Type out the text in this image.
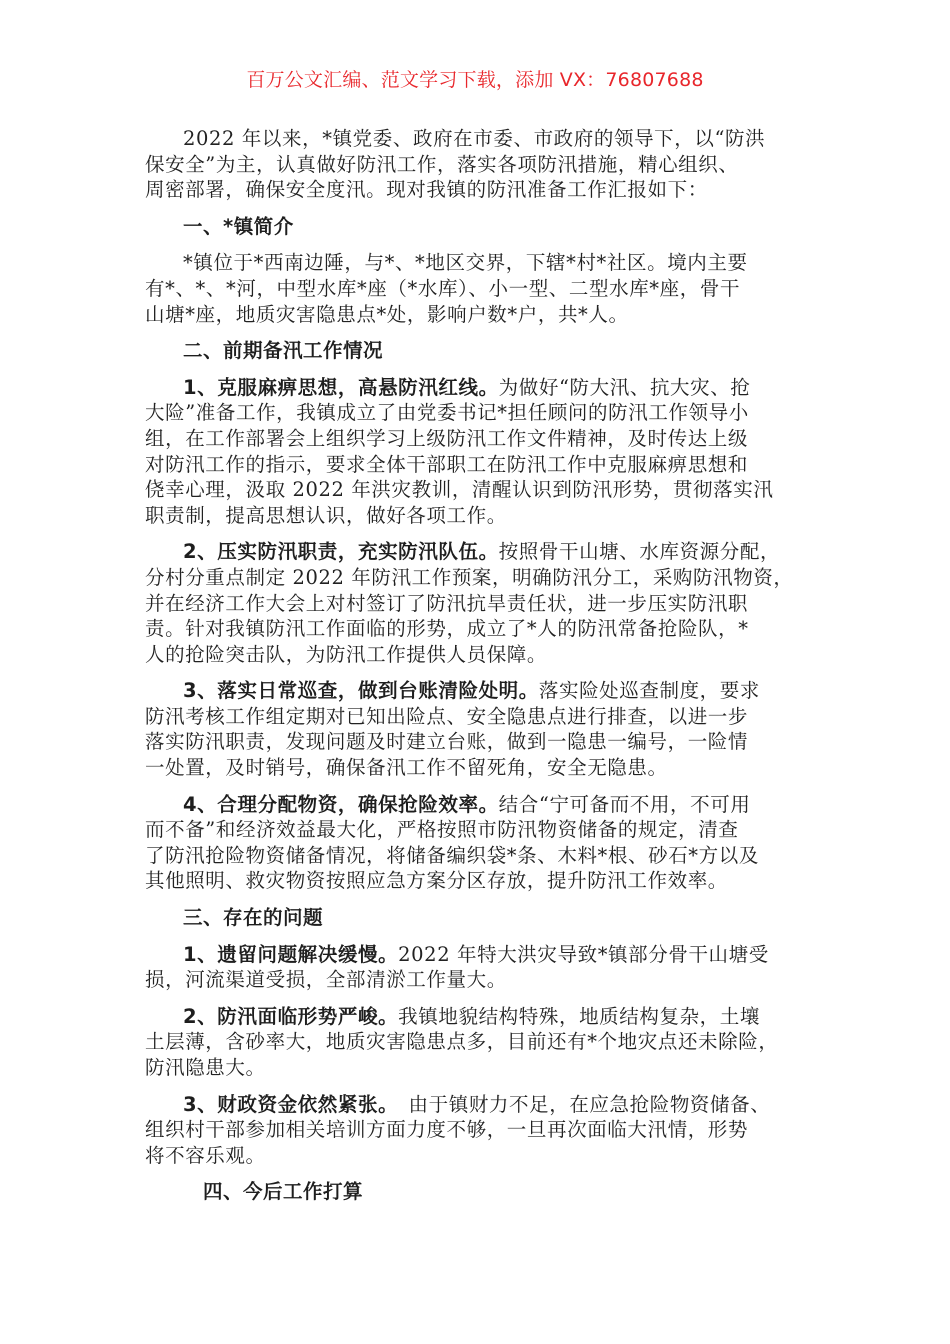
百万公文汇编、范文学习下载，添加 VX：76807688
2022 年以来，*镇党委、政府在市委、市政府的领导下，以“防洪
保安全”为主，认真做好防汛工作，落实各项防汛措施，精心组织、
周密部署，确保安全度汛。现对我镇的防汛准备工作汇报如下：
一、*镇简介
*镇位于*西南边陲，与*、*地区交界，下辖*村*社区。境内主要
有*、*、*河，中型水库*座（*水库）、小一型、二型水库*座，骨干
山塘*座，地质灾害隐患点*处，影响户数*户，共*人。
二、前期备汛工作情况
1、克服麻痹思想，高悬防汛红线。为做好“防大汛、抗大灾、抢
大险”准备工作，我镇成立了由党委书记*担任顾问的防汛工作领导小
组，在工作部署会上组织学习上级防汛工作文件精神，及时传达上级
对防汛工作的指示，要求全体干部职工在防汛工作中克服麻痹思想和
侥幸心理，汲取 2022 年洪灾教训，清醒认识到防汛形势，贯彻落实汛
职责制，提高思想认识，做好各项工作。
2、压实防汛职责，充实防汛队伍。按照骨干山塘、水库资源分配，
分村分重点制定 2022 年防汛工作预案，明确防汛分工，采购防汛物资，
并在经济工作大会上对村签订了防汛抗旱责任状，进一步压实防汛职
责。针对我镇防汛工作面临的形势，成立了*人的防汛常备抢险队，*
人的抢险突击队，为防汛工作提供人员保障。
3、落实日常巡查，做到台账清险处明。落实险处巡查制度，要求
防汛考核工作组定期对已知出险点、安全隐患点进行排查，以进一步
落实防汛职责，发现问题及时建立台账，做到一隐患一编号，一险情
一处置，及时销号，确保备汛工作不留死角，安全无隐患。
4、合理分配物资，确保抢险效率。结合“宁可备而不用，不可用
而不备”和经济效益最大化，严格按照市防汛物资储备的规定，清查
了防汛抢险物资储备情况，将储备编织袋*条、木料*根、砂石*方以及
其他照明、救灾物资按照应急方案分区存放，提升防汛工作效率。
三、存在的问题
1、遗留问题解决缓慢。2022 年特大洪灾导致*镇部分骨干山塘受
损，河流渠道受损，全部清淤工作量大。
2、防汛面临形势严峻。我镇地貌结构特殊，地质结构复杂，土壤
土层薄，含砂率大，地质灾害隐患点多，目前还有*个地灾点还未除险，
防汛隐患大。
3、财政资金依然紧张。　由于镇财力不足，在应急抢险物资储备、
组织村干部参加相关培训方面力度不够，一旦再次面临大汛情，形势
将不容乐观。
四、今后工作打算
